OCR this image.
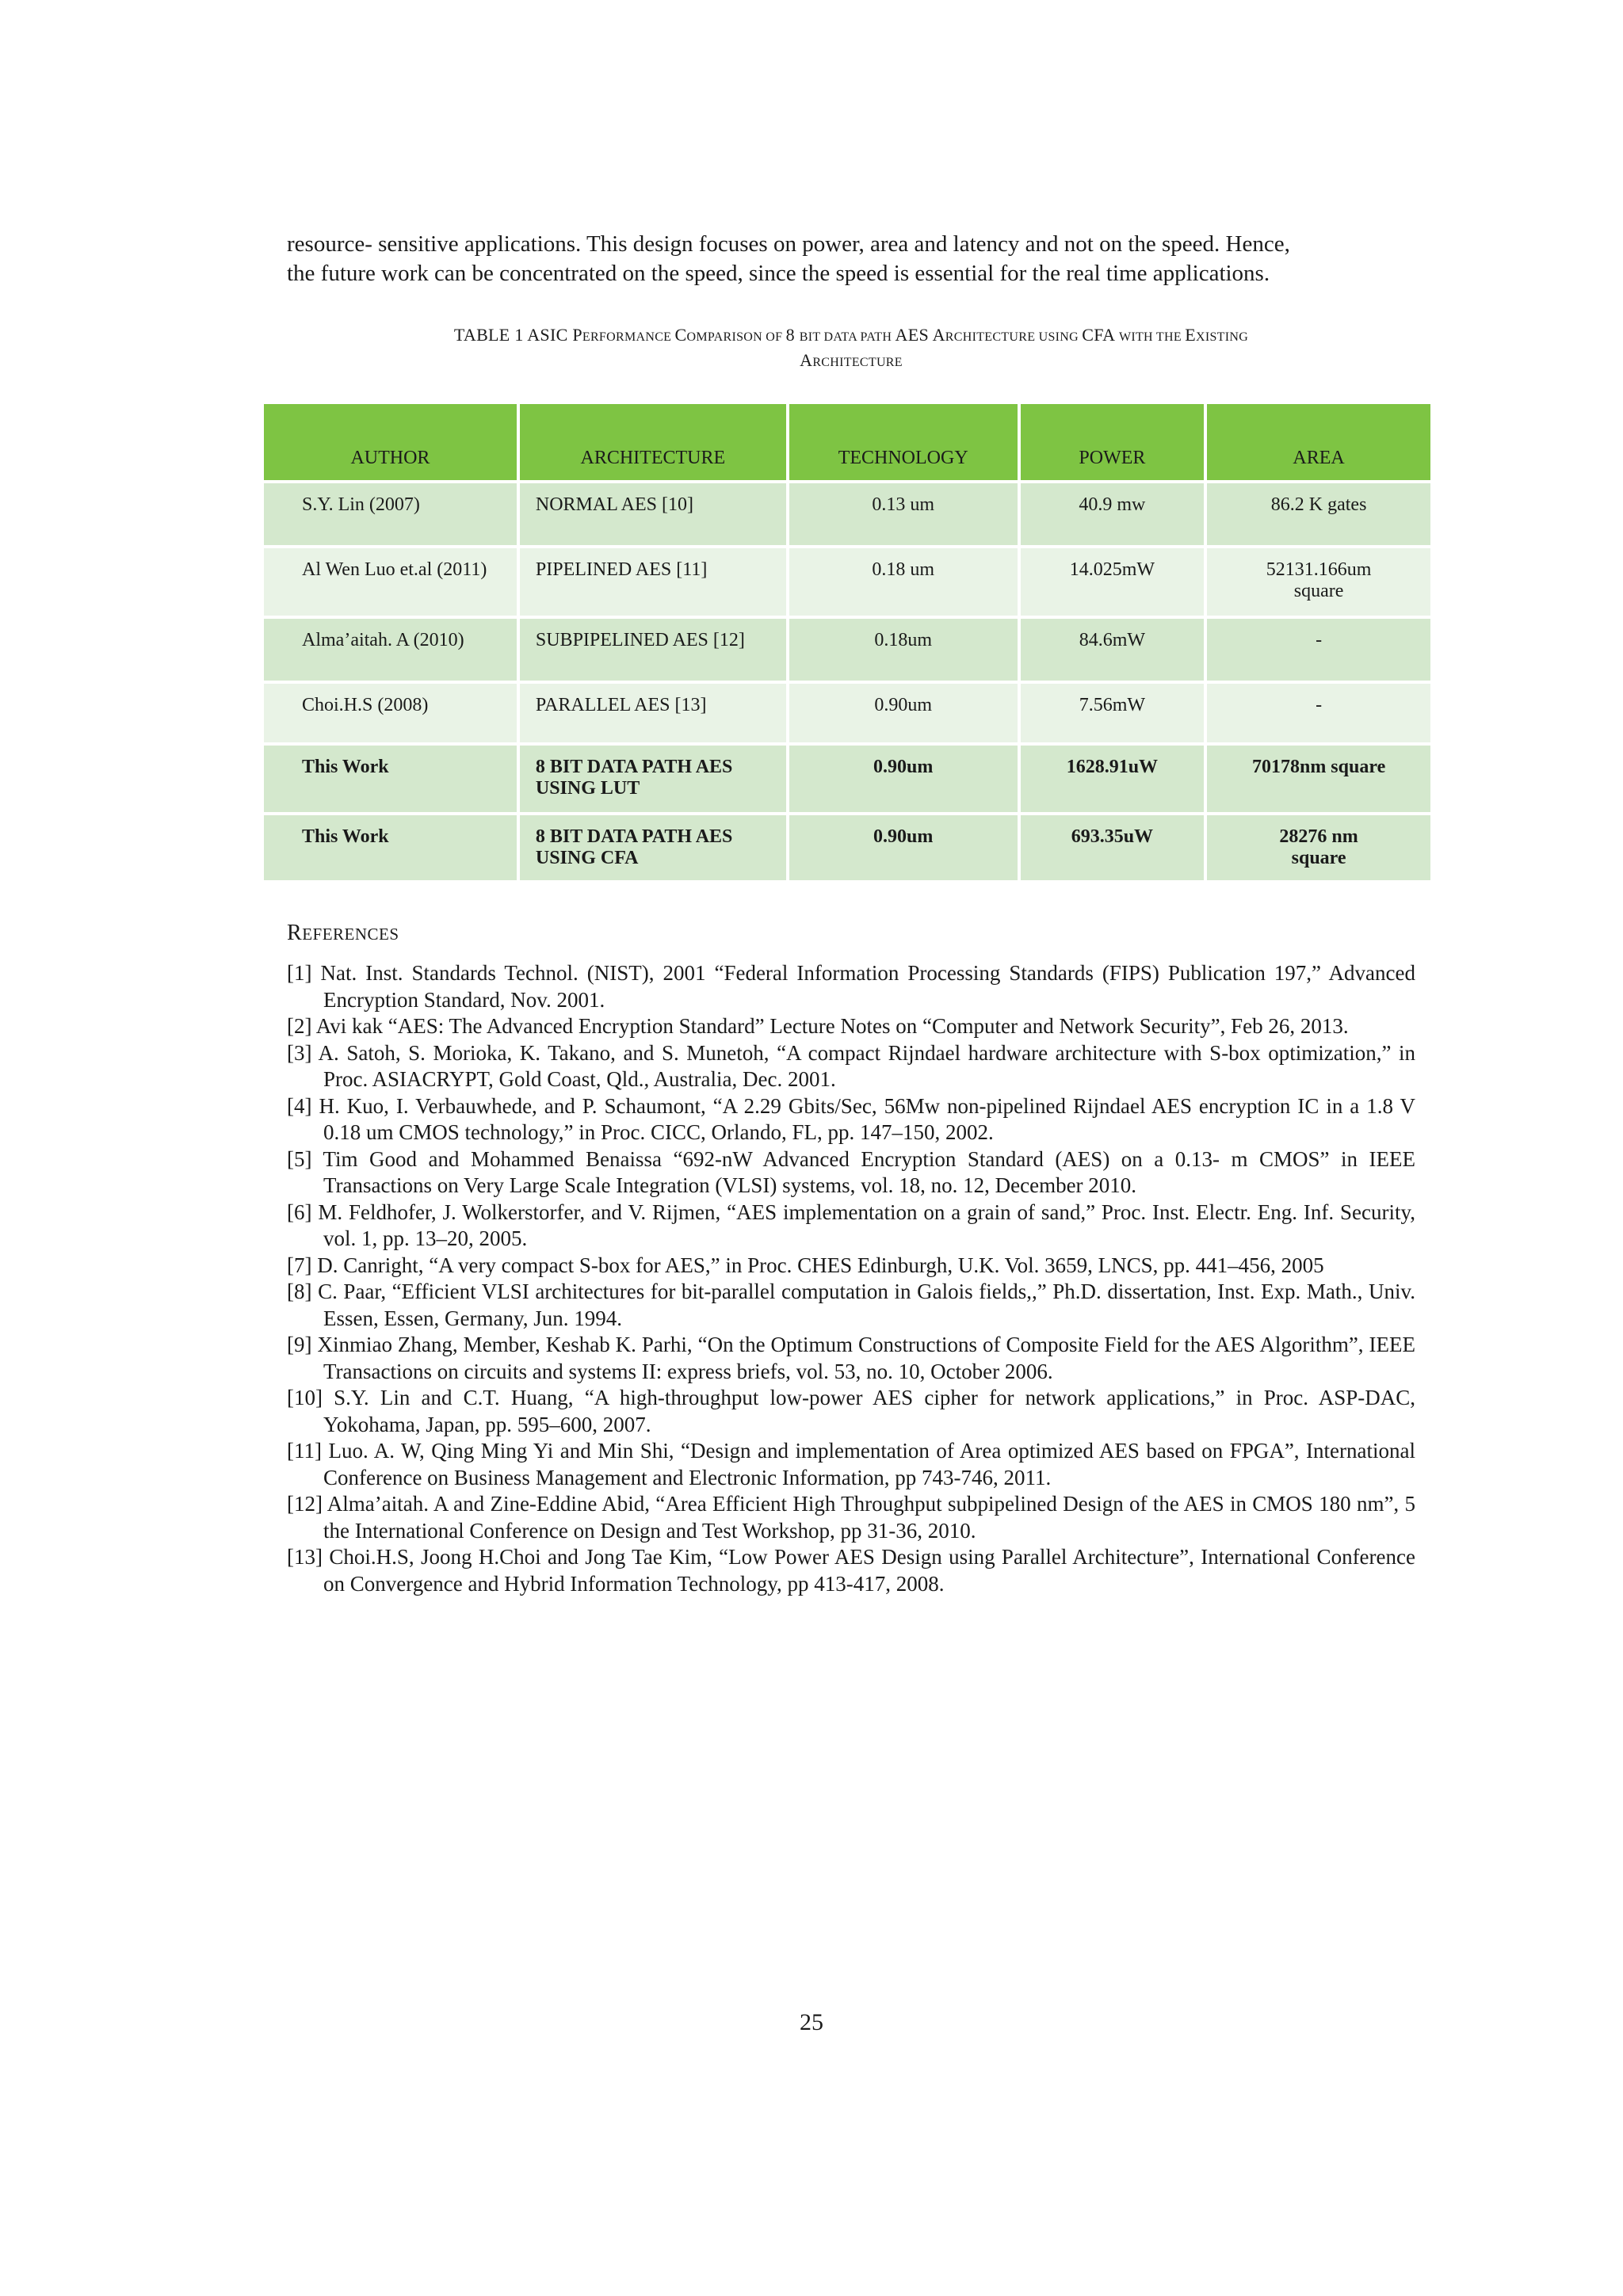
resource- sensitive applications. This design focuses on power, area and latency and not on the speed. Hence,
the future work can be concentrated on the speed, since the speed is essential for the real time applications.

TABLE 1 ASIC PERFORMANCE COMPARISON OF 8 BIT DATA PATH AES ARCHITECTURE USING CFA WITH THE EXISTING
ARCHITECTURE
AUTHOR	ARCHITECTURE	TECHNOLOGY	POWER	AREA
S.Y. Lin (2007)	NORMAL AES [10]	0.13 um	40.9 mw	86.2 K gates
Al Wen Luo et.al (2011)	PIPELINED AES [11]	0.18 um	14.025mW	52131.166um square
Alma’aitah. A (2010)	SUBPIPELINED AES [12]	0.18um	84.6mW	-
Choi.H.S (2008)	PARALLEL AES [13]	0.90um	7.56mW	-
This Work	8 BIT DATA PATH AES USING LUT	0.90um	1628.91uW	70178nm square
This Work	8 BIT DATA PATH AES USING CFA	0.90um	693.35uW	28276 nm square
REFERENCES
[1] Nat. Inst. Standards Technol. (NIST), 2001 “Federal Information Processing Standards (FIPS) Publication 197,” Advanced Encryption Standard, Nov. 2001.
[2] Avi kak “AES: The Advanced Encryption Standard” Lecture Notes on “Computer and Network Security”, Feb 26, 2013.
[3] A. Satoh, S. Morioka, K. Takano, and S. Munetoh, “A compact Rijndael hardware architecture with S-box optimization,” in Proc. ASIACRYPT, Gold Coast, Qld., Australia, Dec. 2001.
[4] H. Kuo, I. Verbauwhede, and P. Schaumont, “A 2.29 Gbits/Sec, 56Mw non-pipelined Rijndael AES encryption IC in a 1.8 V 0.18 um CMOS technology,” in Proc. CICC, Orlando, FL, pp. 147–150, 2002.
[5] Tim Good and Mohammed Benaissa “692-nW Advanced Encryption Standard (AES) on a 0.13- m CMOS” in IEEE Transactions on Very Large Scale Integration (VLSI) systems, vol. 18, no. 12, December 2010.
[6] M. Feldhofer, J. Wolkerstorfer, and V. Rijmen, “AES implementation on a grain of sand,” Proc. Inst. Electr. Eng. Inf. Security, vol. 1, pp. 13–20, 2005.
[7] D. Canright, “A very compact S-box for AES,” in Proc. CHES Edinburgh, U.K. Vol. 3659, LNCS, pp. 441–456, 2005
[8] C. Paar, “Efficient VLSI architectures for bit-parallel computation in Galois fields,,” Ph.D. dissertation, Inst. Exp. Math., Univ. Essen, Essen, Germany, Jun. 1994.
[9] Xinmiao Zhang, Member, Keshab K. Parhi, “On the Optimum Constructions of Composite Field for the AES Algorithm”, IEEE Transactions on circuits and systems II: express briefs, vol. 53, no. 10, October 2006.
[10] S.Y. Lin and C.T. Huang, “A high-throughput low-power AES cipher for network applications,” in Proc. ASP-DAC, Yokohama, Japan, pp. 595–600, 2007.
[11] Luo. A. W, Qing Ming Yi and Min Shi, “Design and implementation of Area optimized AES based on FPGA”, International Conference on Business Management and Electronic Information, pp 743-746, 2011.
[12] Alma’aitah. A and Zine-Eddine Abid, “Area Efficient High Throughput subpipelined Design of the AES in CMOS 180 nm”, 5 the International Conference on Design and Test Workshop, pp 31-36, 2010.
[13] Choi.H.S, Joong H.Choi and Jong Tae Kim, “Low Power AES Design using Parallel Architecture”, International Conference on Convergence and Hybrid Information Technology, pp 413-417, 2008.
25
